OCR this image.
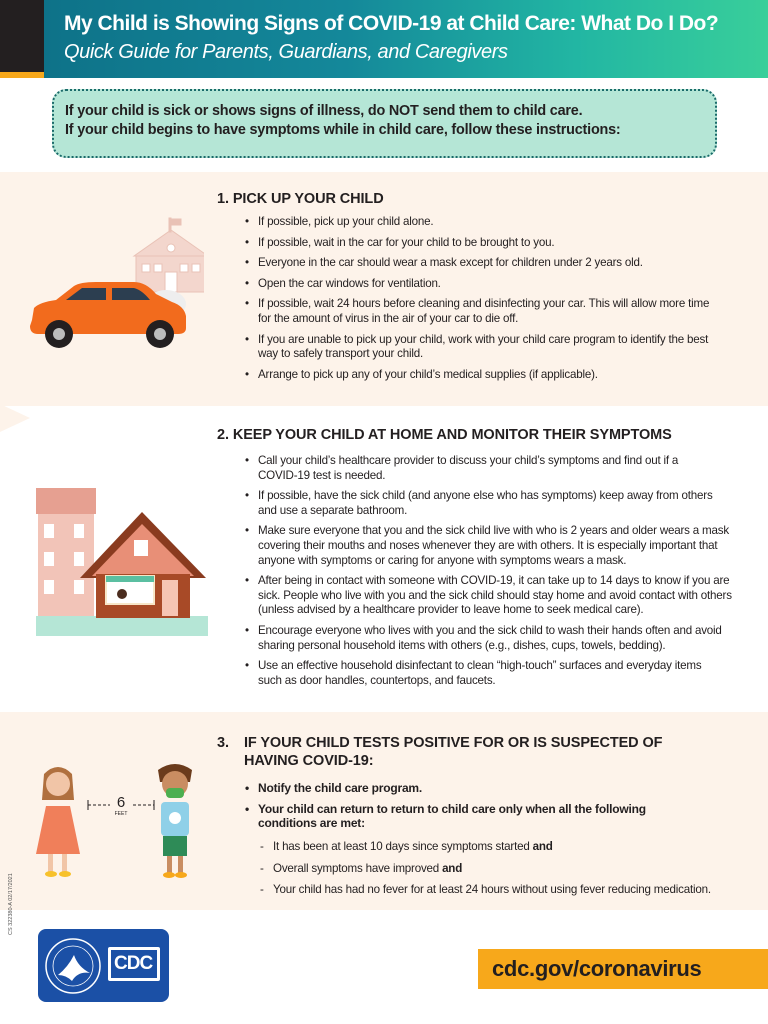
My Child is Showing Signs of COVID-19 at Child Care: What Do I Do?
Quick Guide for Parents, Guardians, and Caregivers

If your child is sick or shows signs of illness, do NOT send them to child care.

If your child begins to have symptoms while in child care, follow these instructions:

1. PICK UP YOUR CHILD
• If possible, pick up your child alone.
• If possible, wait in the car for your child to be brought to you.
• Everyone in the car should wear a mask except for children under 2 years old.
• Open the car windows for ventilation.
• If possible, wait 24 hours before cleaning and disinfecting your car. This will allow more time for the amount of virus in the air of your car to die off.
• If you are unable to pick up your child, work with your child care program to identify the best way to safely transport your child.
• Arrange to pick up any of your child’s medical supplies (if applicable).
2. KEEP YOUR CHILD AT HOME AND MONITOR THEIR SYMPTOMS
• Call your child’s healthcare provider to discuss your child’s symptoms and find out if a COVID-19 test is needed.
• If possible, have the sick child (and anyone else who has symptoms) keep away from others and use a separate bathroom.
• Make sure everyone that you and the sick child live with who is 2 years and older wears a mask covering their mouths and noses whenever they are with others. It is especially important that anyone with symptoms or caring for anyone with symptoms wears a mask.
• After being in contact with someone with COVID-19, it can take up to 14 days to know if you are sick. People who live with you and the sick child should stay home and avoid contact with others (unless advised by a healthcare provider to leave home to seek medical care).
• Encourage everyone who lives with you and the sick child to wash their hands often and avoid sharing personal household items with others (e.g., dishes, cups, towels, bedding).
• Use an effective household disinfectant to clean “high-touch” surfaces and everyday items such as door handles, countertops, and faucets.
6
FEET
3. IF YOUR CHILD TESTS POSITIVE FOR OR IS SUSPECTED OF
HAVING COVID-19:
• Notify the child care program.
• Your child can return to return to child care only when all the following conditions are met:
- It has been at least 10 days since symptoms started and
- Overall symptoms have improved and
- Your child has had no fever for at least 24 hours without using fever reducing medication.
CS 322380-A 02/17/2021
CDC	cdc.gov/coronavirus
